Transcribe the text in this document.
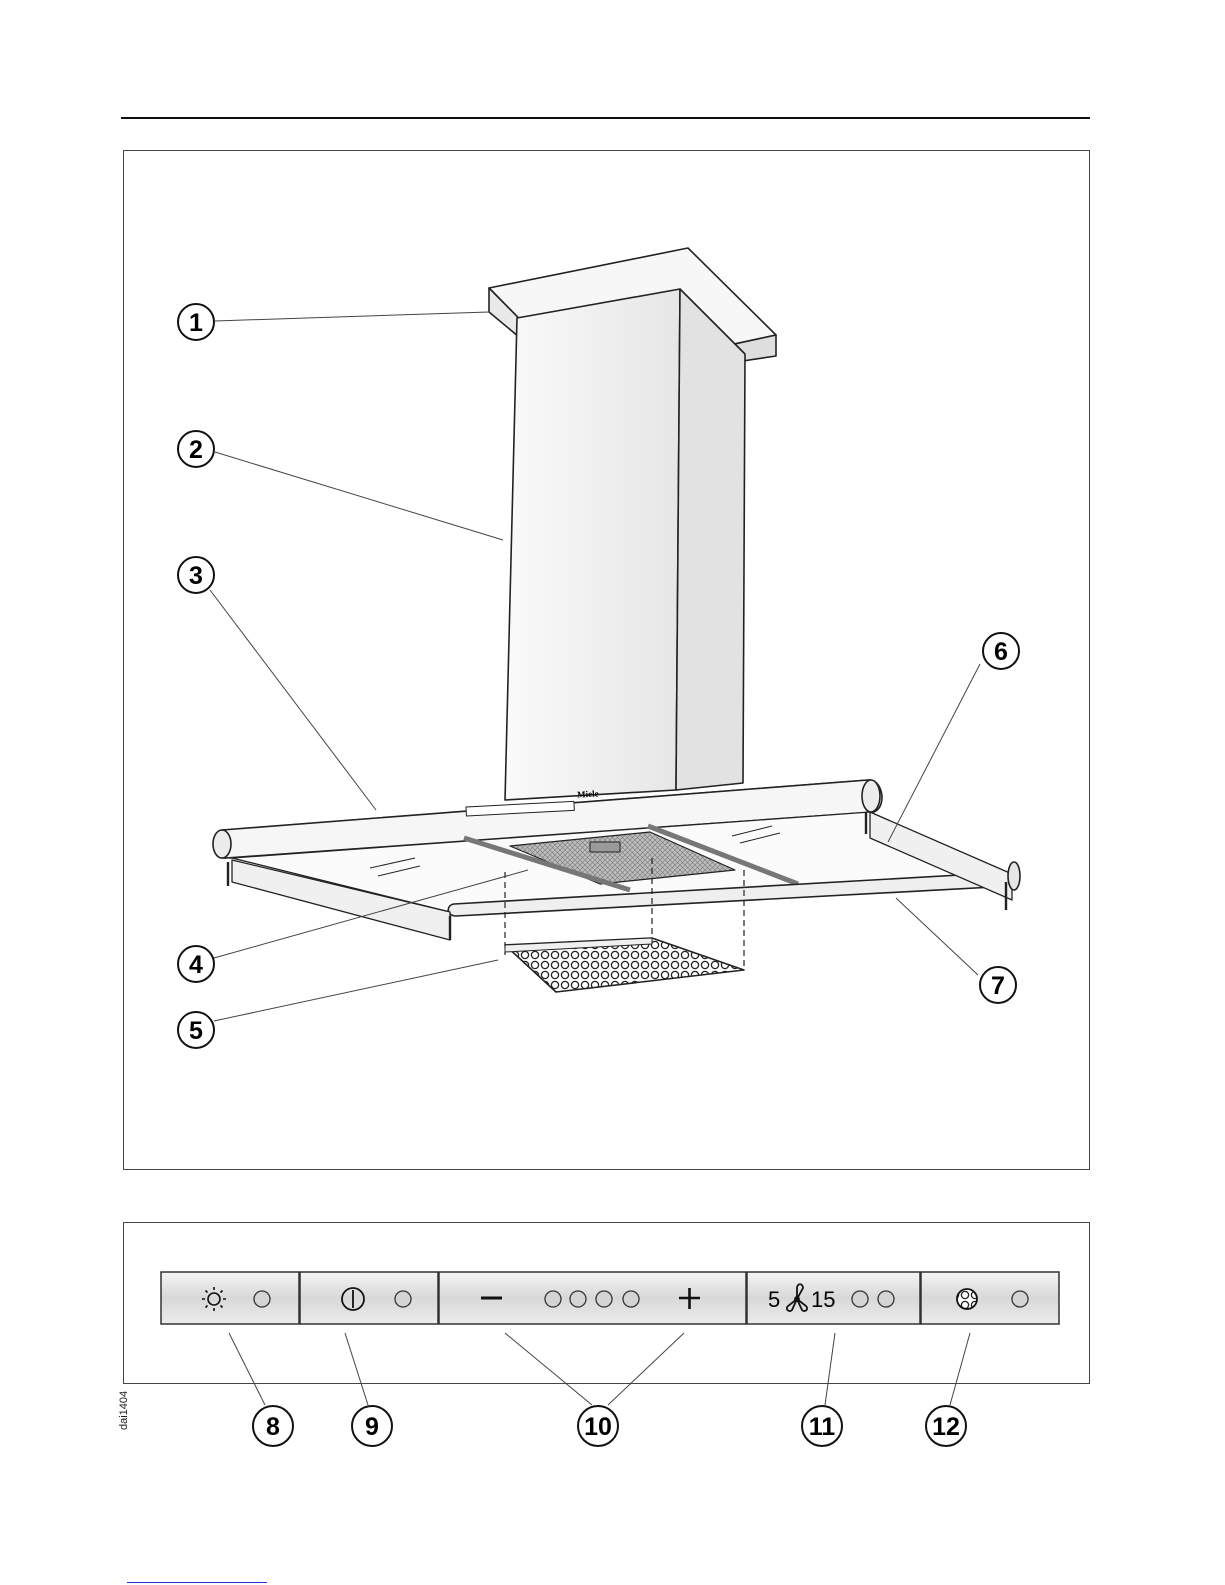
Miele
1
2
3
4
5
6
7
5 15
8	9	10	11	12
dai1404
